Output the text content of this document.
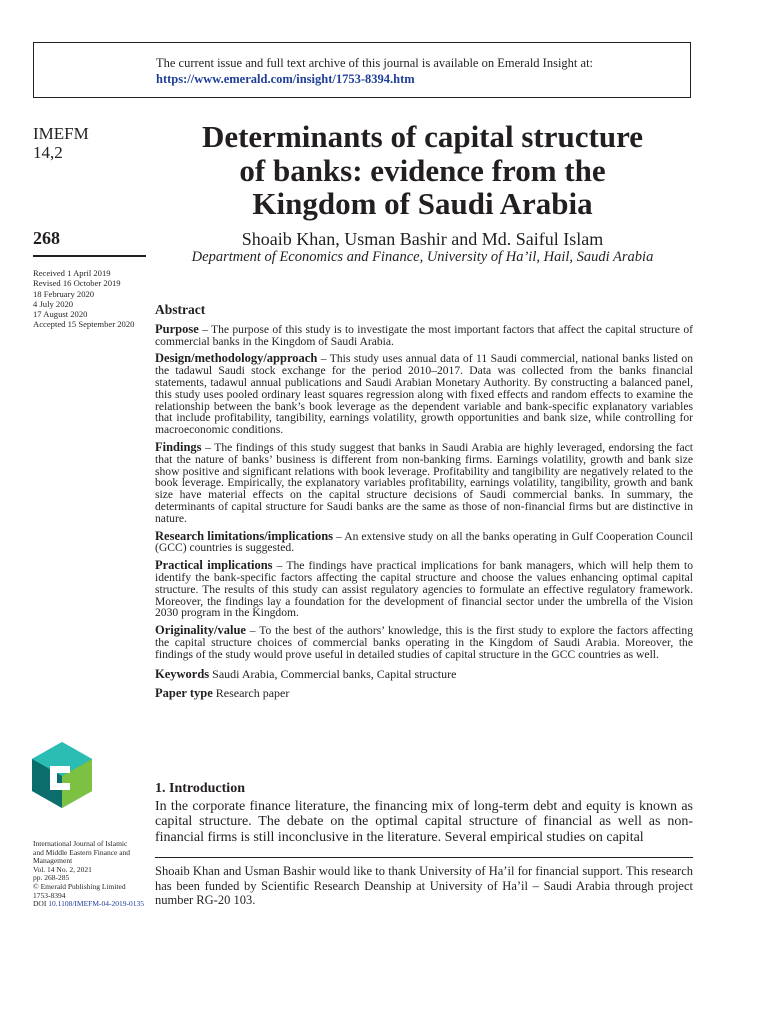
The current issue and full text archive of this journal is available on Emerald Insight at:
https://www.emerald.com/insight/1753-8394.htm
IMEFM
14,2
268
Received 1 April 2019
Revised 16 October 2019
18 February 2020
4 July 2020
17 August 2020
Accepted 15 September 2020
Determinants of capital structure
of banks: evidence from the
Kingdom of Saudi Arabia
Shoaib Khan, Usman Bashir and Md. Saiful Islam
Department of Economics and Finance, University of Ha’il, Hail, Saudi Arabia
Abstract

Purpose – The purpose of this study is to investigate the most important factors that affect the capital structure of commercial banks in the Kingdom of Saudi Arabia.

Design/methodology/approach – This study uses annual data of 11 Saudi commercial, national banks listed on the tadawul Saudi stock exchange for the period 2010–2017. Data was collected from the banks financial statements, tadawul annual publications and Saudi Arabian Monetary Authority. By constructing a balanced panel, this study uses pooled ordinary least squares regression along with fixed effects and random effects to examine the relationship between the bank’s book leverage as the dependent variable and bank-specific explanatory variables that include profitability, tangibility, earnings volatility, growth opportunities and bank size, while controlling for macroeconomic conditions.

Findings – The findings of this study suggest that banks in Saudi Arabia are highly leveraged, endorsing the fact that the nature of banks’ business is different from non-banking firms. Earnings volatility, growth and bank size show positive and significant relations with book leverage. Profitability and tangibility are negatively related to the book leverage. Empirically, the explanatory variables profitability, earnings volatility, tangibility, growth and bank size have material effects on the capital structure decisions of Saudi commercial banks. In summary, the determinants of capital structure for Saudi banks are the same as those of non-financial firms but are distinctive in nature.

Research limitations/implications – An extensive study on all the banks operating in Gulf Cooperation Council (GCC) countries is suggested.

Practical implications – The findings have practical implications for bank managers, which will help them to identify the bank-specific factors affecting the capital structure and choose the values enhancing optimal capital structure. The results of this study can assist regulatory agencies to formulate an effective regulatory framework. Moreover, the findings lay a foundation for the development of financial sector under the umbrella of the Vision 2030 program in the Kingdom.

Originality/value – To the best of the authors’ knowledge, this is the first study to explore the factors affecting the capital structure choices of commercial banks operating in the Kingdom of Saudi Arabia. Moreover, the findings of the study would prove useful in detailed studies of capital structure in the GCC countries as well.

Keywords Saudi Arabia, Commercial banks, Capital structure

Paper type Research paper

1. Introduction
In the corporate finance literature, the financing mix of long-term debt and equity is known as capital structure. The debate on the optimal capital structure of financial as well as non-financial firms is still inconclusive in the literature. Several empirical studies on capital
International Journal of Islamic
and Middle Eastern Finance and
Management
Vol. 14 No. 2, 2021
pp. 268-285
© Emerald Publishing Limited
1753-8394
DOI 10.1108/IMEFM-04-2019-0135
Shoaib Khan and Usman Bashir would like to thank University of Ha’il for financial support. This research has been funded by Scientific Research Deanship at University of Ha’il – Saudi Arabia through project number RG-20 103.
